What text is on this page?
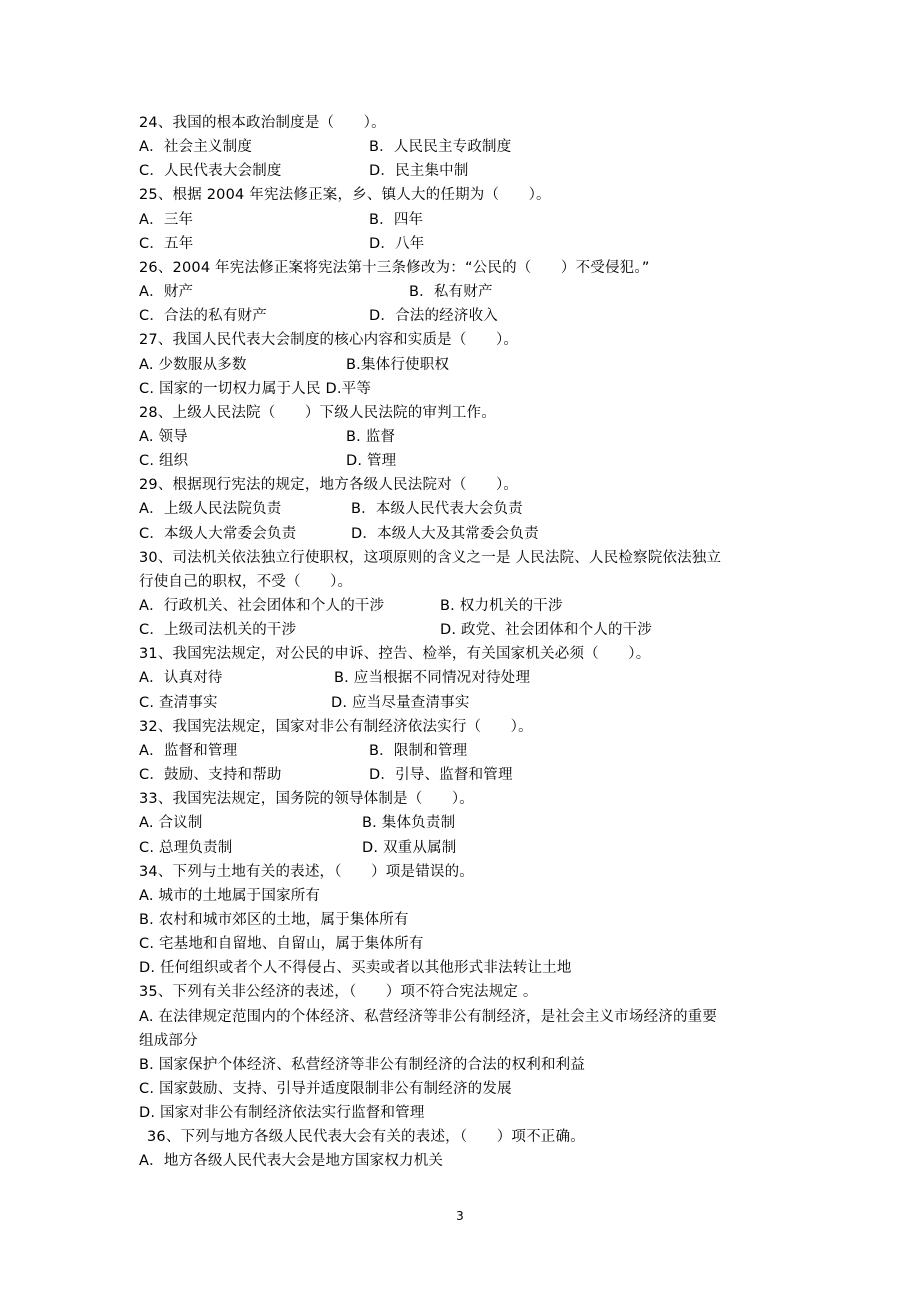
24、我国的根本政治制度是（　　）。
A．社会主义制度	B．人民民主专政制度
C．人民代表大会制度	D．民主集中制
25、根据 2004 年宪法修正案，乡、镇人大的任期为（　　）。
A．三年	B．四年
C．五年	D．八年
26、2004 年宪法修正案将宪法第十三条修改为：“公民的（　　）不受侵犯。”
A．财产	B．私有财产
C．合法的私有财产	D．合法的经济收入
27、我国人民代表大会制度的核心内容和实质是（　　）。
A. 少数服从多数	B.集体行使职权
C. 国家的一切权力属于人民 D.平等
28、上级人民法院（　　）下级人民法院的审判工作。
A. 领导	B. 监督
C. 组织	D. 管理
29、根据现行宪法的规定，地方各级人民法院对（　　）。
A．上级人民法院负责	B．本级人民代表大会负责
C．本级人大常委会负责	D．本级人大及其常委会负责
30、司法机关依法独立行使职权，这项原则的含义之一是 人民法院、人民检察院依法独立
行使自己的职权，不受（　　）。
A．行政机关、社会团体和个人的干涉	B. 权力机关的干涉
C．上级司法机关的干涉	D. 政党、社会团体和个人的干涉
31、我国宪法规定，对公民的申诉、控告、检举，有关国家机关必须（　　）。
A．认真对待	B. 应当根据不同情况对待处理
C. 查清事实	D. 应当尽量查清事实
32、我国宪法规定，国家对非公有制经济依法实行（　　）。
A．监督和管理	B．限制和管理
C．鼓励、支持和帮助	D．引导、监督和管理
33、我国宪法规定，国务院的领导体制是（　　）。
A. 合议制	B. 集体负责制
C. 总理负责制	D. 双重从属制
34、下列与土地有关的表述，（　　）项是错误的。
A. 城市的土地属于国家所有
B. 农村和城市郊区的土地，属于集体所有
C. 宅基地和自留地、自留山，属于集体所有
D. 任何组织或者个人不得侵占、买卖或者以其他形式非法转让土地
35、下列有关非公经济的表述，（　　）项不符合宪法规定 。
A. 在法律规定范围内的个体经济、私营经济等非公有制经济，是社会主义市场经济的重要
组成部分
B. 国家保护个体经济、私营经济等非公有制经济的合法的权利和利益
C. 国家鼓励、支持、引导并适度限制非公有制经济的发展
D. 国家对非公有制经济依法实行监督和管理
36、下列与地方各级人民代表大会有关的表述，（　　）项不正确。
A．地方各级人民代表大会是地方国家权力机关
3
